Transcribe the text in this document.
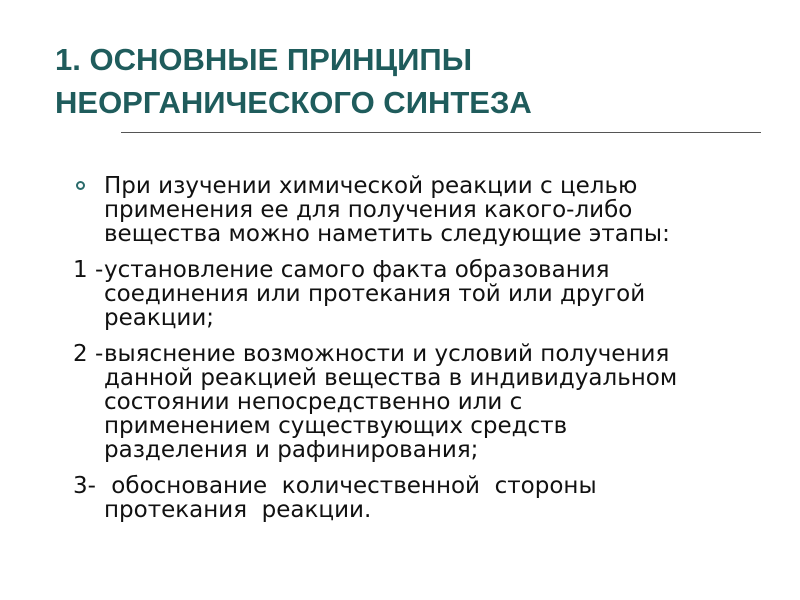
1. ОСНОВНЫЕ ПРИНЦИПЫ
НЕОРГАНИЧЕСКОГО СИНТЕЗА
При изучении химической реакции с целью
применения ее для получения какого-либо
вещества можно наметить следующие этапы:
1 - установление самого факта образования
соединения или протекания той или другой
реакции;
2 - выяснение возможности и условий получения
данной реакцией вещества в индивидуальном
состоянии непосредственно или с
применением существующих средств
разделения и рафинирования;
3- обоснование  количественной  стороны
протекания  реакции.
